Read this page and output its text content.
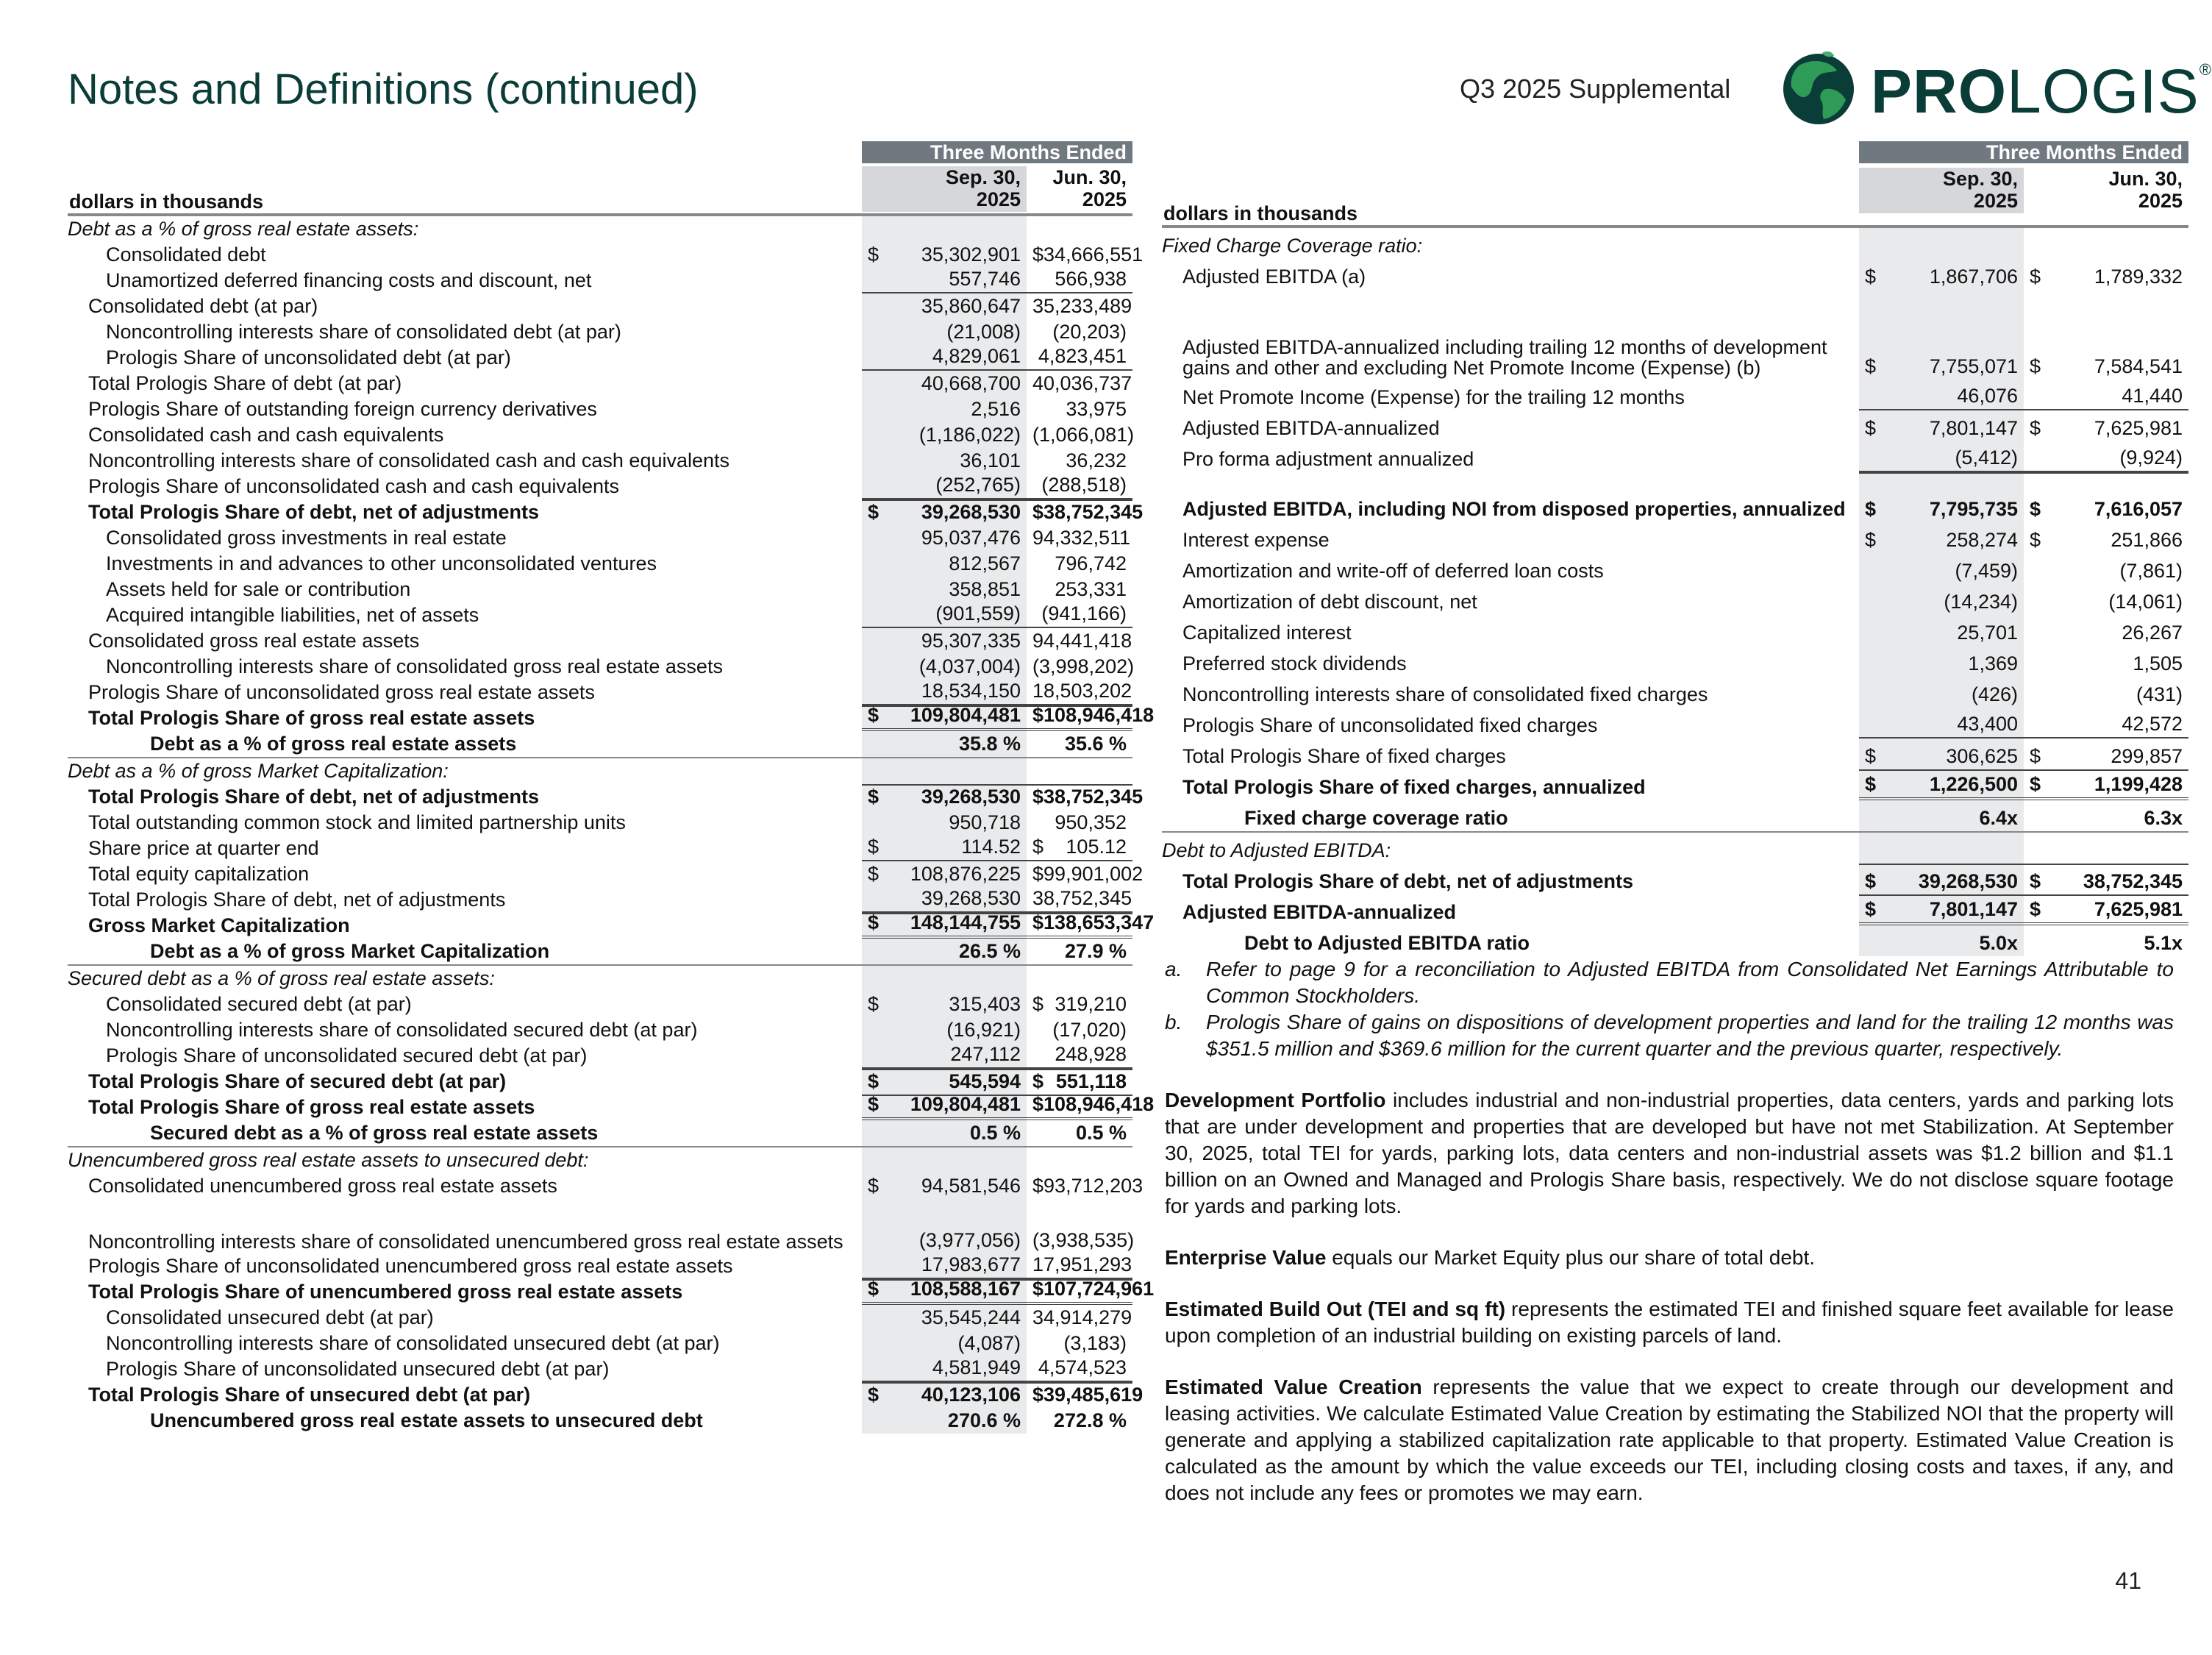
Notes and Definitions (continued)	Q3 2025 Supplemental PROLOGIS®
Three Months Ended
Sep. 30,
2025
Jun. 30,
2025
dollars in thousands
Debt as a % of gross real estate assets:
Consolidated debt	$	35,302,901 $ 34,666,551
Unamortized deferred financing costs and discount, net	557,746	566,938
Consolidated debt (at par)	35,860,647 35,233,489
Noncontrolling interests share of consolidated debt (at par)	(21,008)	(20,203)
Prologis Share of unconsolidated debt (at par)	4,829,061 4,823,451
Total Prologis Share of debt (at par)	40,668,700 40,036,737
Prologis Share of outstanding foreign currency derivatives	2,516	33,975
Consolidated cash and cash equivalents	(1,186,022) (1,066,081)
Noncontrolling interests share of consolidated cash and cash equivalents	36,101	36,232
Prologis Share of unconsolidated cash and cash equivalents	(252,765)	(288,518)
Total Prologis Share of debt, net of adjustments	$	39,268,530 $ 38,752,345
Consolidated gross investments in real estate	95,037,476 94,332,511
Investments in and advances to other unconsolidated ventures	812,567	796,742
Assets held for sale or contribution	358,851	253,331
Acquired intangible liabilities, net of assets	(901,559)	(941,166)
Consolidated gross real estate assets	95,307,335 94,441,418
Noncontrolling interests share of consolidated gross real estate assets	(4,037,004) (3,998,202)
Prologis Share of unconsolidated gross real estate assets	18,534,150 18,503,202
Total Prologis Share of gross real estate assets	$	109,804,481 $ 108,946,418
Debt as a % of gross real estate assets	35.8 %	35.6 %
Debt as a % of gross Market Capitalization:
Total Prologis Share of debt, net of adjustments	$	39,268,530 $ 38,752,345
Total outstanding common stock and limited partnership units	950,718	950,352
Share price at quarter end	$	114.52 $	105.12
Total equity capitalization	$	108,876,225 $ 99,901,002
Total Prologis Share of debt, net of adjustments	39,268,530 38,752,345
Gross Market Capitalization	$	148,144,755 $ 138,653,347
Debt as a % of gross Market Capitalization	26.5 %	27.9 %
Secured debt as a % of gross real estate assets:
Consolidated secured debt (at par)	$	315,403 $ 319,210
Noncontrolling interests share of consolidated secured debt (at par)	(16,921)	(17,020)
Prologis Share of unconsolidated secured debt (at par)	247,112	248,928
Total Prologis Share of secured debt (at par)	$	545,594 $ 551,118
Total Prologis Share of gross real estate assets	$	109,804,481 $ 108,946,418
Secured debt as a % of gross real estate assets	0.5 %	0.5 %
Unencumbered gross real estate assets to unsecured debt:
Consolidated unencumbered gross real estate assets	$	94,581,546 $ 93,712,203
Noncontrolling interests share of consolidated unencumbered gross real estate assets	(3,977,056) (3,938,535)
Prologis Share of unconsolidated unencumbered gross real estate assets	17,983,677 17,951,293
Total Prologis Share of unencumbered gross real estate assets	$	108,588,167 $ 107,724,961
Consolidated unsecured debt (at par)	35,545,244 34,914,279
Noncontrolling interests share of consolidated unsecured debt (at par)	(4,087)	(3,183)
Prologis Share of unconsolidated unsecured debt (at par)	4,581,949 4,574,523
Total Prologis Share of unsecured debt (at par)	$	40,123,106 $ 39,485,619
Unencumbered gross real estate assets to unsecured debt	270.6 %	272.8 %
Three Months Ended
Sep. 30,
2025
Jun. 30,
2025
dollars in thousands
Fixed Charge Coverage ratio:
Adjusted EBITDA (a)	$	1,867,706 $	1,789,332
Adjusted EBITDA-annualized including trailing 12 months of development gains and other and excluding Net Promote Income (Expense) (b)	$	7,755,071 $	7,584,541
Net Promote Income (Expense) for the trailing 12 months	46,076	41,440
Adjusted EBITDA-annualized	$	7,801,147 $	7,625,981
Pro forma adjustment annualized	(5,412)	(9,924)
Adjusted EBITDA, including NOI from disposed properties, annualized $	7,795,735 $	7,616,057
Interest expense	$	258,274 $	251,866
Amortization and write-off of deferred loan costs	(7,459)	(7,861)
Amortization of debt discount, net	(14,234)	(14,061)
Capitalized interest	25,701	26,267
Preferred stock dividends	1,369	1,505
Noncontrolling interests share of consolidated fixed charges	(426)	(431)
Prologis Share of unconsolidated fixed charges	43,400	42,572
Total Prologis Share of fixed charges	$	306,625 $	299,857
Total Prologis Share of fixed charges, annualized	$	1,226,500 $	1,199,428
Fixed charge coverage ratio	6.4x	6.3x
Debt to Adjusted EBITDA:
Total Prologis Share of debt, net of adjustments	$	39,268,530 $	38,752,345
Adjusted EBITDA-annualized	$	7,801,147 $	7,625,981
Debt to Adjusted EBITDA ratio	5.0x	5.1x
a.	Refer to page 9 for a reconciliation to Adjusted EBITDA from Consolidated Net Earnings Attributable to Common Stockholders.
b.	Prologis Share of gains on dispositions of development properties and land for the trailing 12 months was $351.5 million and $369.6 million for the current quarter and the previous quarter, respectively.
Development Portfolio includes industrial and non-industrial properties, data centers, yards and parking lots that are under development and properties that are developed but have not met Stabilization. At September 30, 2025, total TEI for yards, parking lots, data centers and non-industrial assets was $1.2 billion and $1.1 billion on an Owned and Managed and Prologis Share basis, respectively. We do not disclose square footage for yards and parking lots.
Enterprise Value equals our Market Equity plus our share of total debt.
Estimated Build Out (TEI and sq ft) represents the estimated TEI and finished square feet available for lease upon completion of an industrial building on existing parcels of land.
Estimated Value Creation represents the value that we expect to create through our development and leasing activities. We calculate Estimated Value Creation by estimating the Stabilized NOI that the property will generate and applying a stabilized capitalization rate applicable to that property. Estimated Value Creation is calculated as the amount by which the value exceeds our TEI, including closing costs and taxes, if any, and does not include any fees or promotes we may earn.
41
